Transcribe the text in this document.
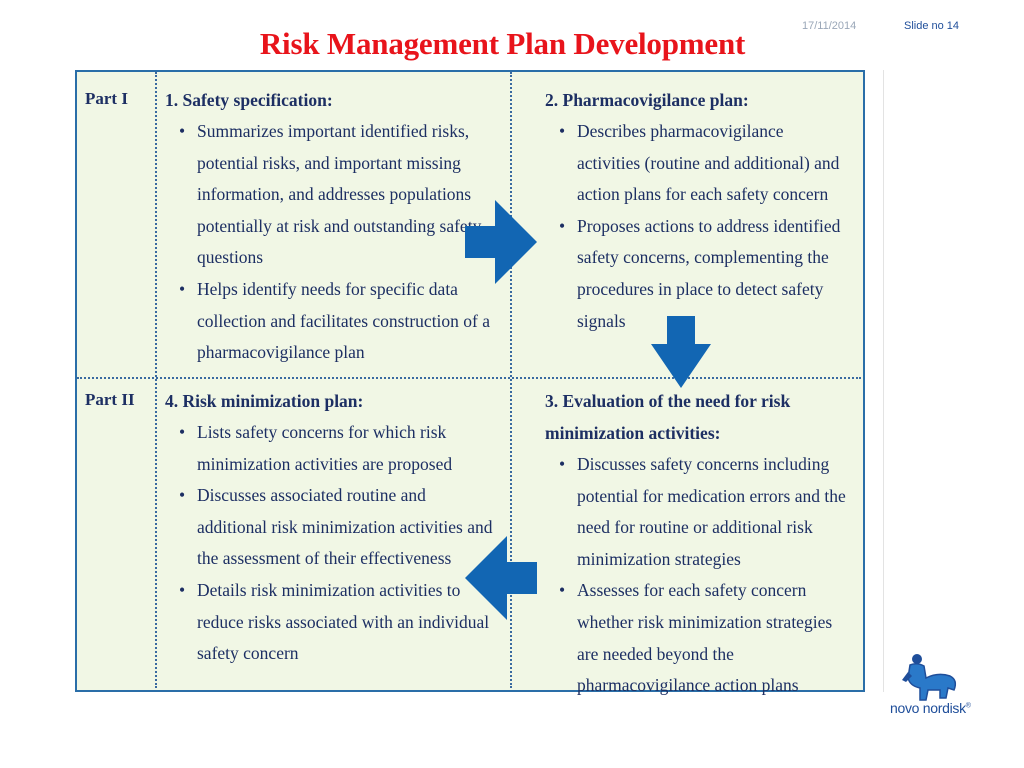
Risk Management Plan Development	17/11/2014	Slide no 14
Part I
Part II
1. Safety specification:
• Summarizes important identified risks, potential risks, and important missing information, and addresses populations potentially at risk and outstanding safety questions
• Helps identify needs for specific data collection and facilitates construction of a pharmacovigilance plan
2. Pharmacovigilance plan:
• Describes pharmacovigilance activities (routine and additional) and action plans for each safety concern
• Proposes actions to address identified safety concerns, complementing the procedures in place to detect safety signals
3. Evaluation of the need for risk minimization activities:
• Discusses safety concerns including potential for medication errors and the need for routine or additional risk minimization strategies
• Assesses for each safety concern whether risk minimization strategies are needed beyond the pharmacovigilance action plans
4. Risk minimization plan:
• Lists safety concerns for which risk minimization activities are proposed
• Discusses associated routine and additional risk minimization activities and the assessment of their effectiveness
• Details risk minimization activities to reduce risks associated with an individual safety concern
novo nordisk®
